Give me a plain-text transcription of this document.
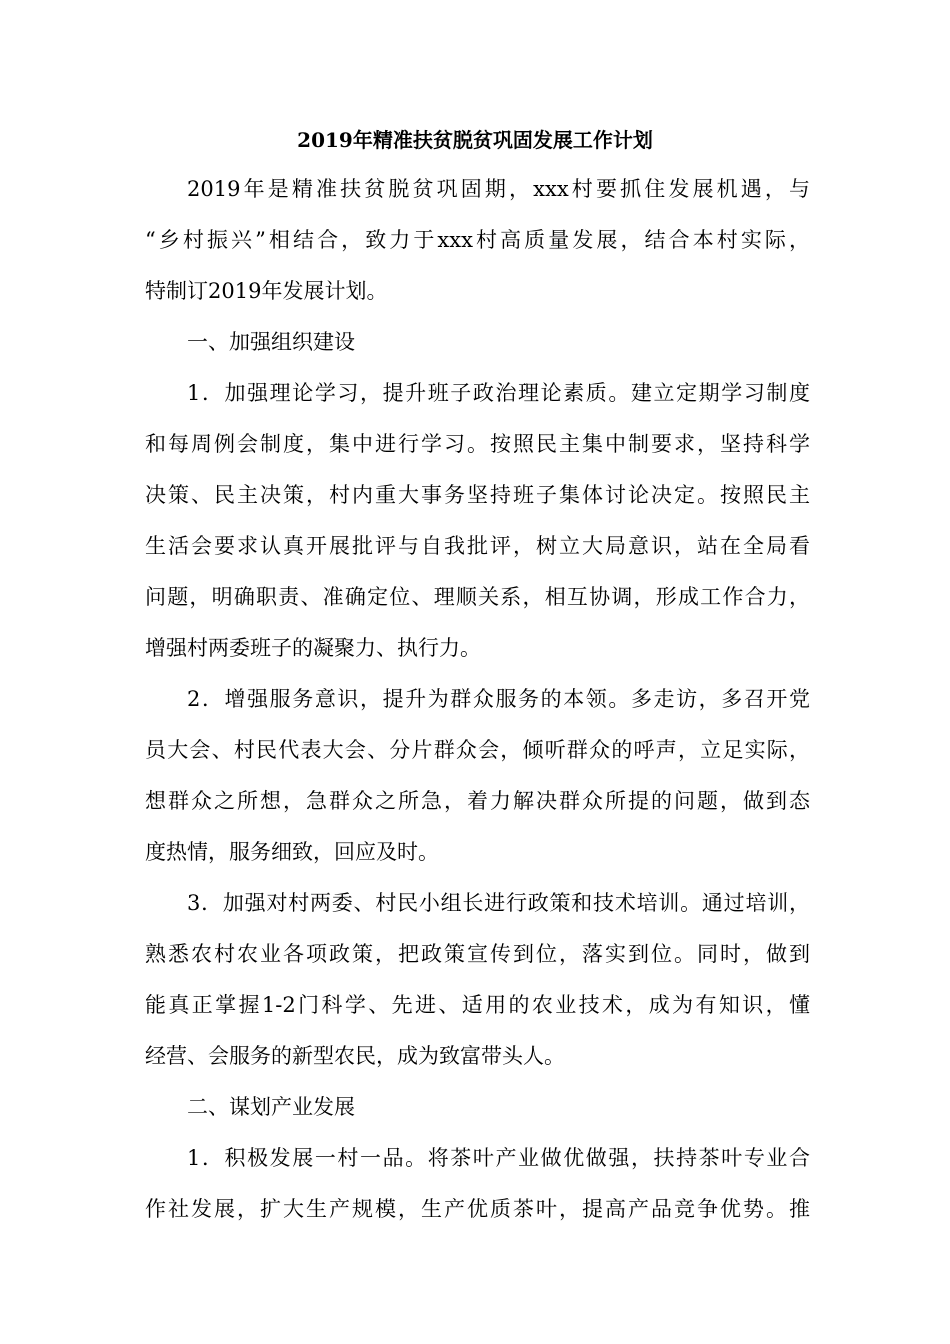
2019年精准扶贫脱贫巩固发展工作计划
2019年是精准扶贫脱贫巩固期，xxx村要抓住发展机遇，与
“乡村振兴”相结合，致力于xxx村高质量发展，结合本村实际，
特制订2019年发展计划。
一、加强组织建设
1．加强理论学习，提升班子政治理论素质。建立定期学习制度
和每周例会制度，集中进行学习。按照民主集中制要求，坚持科学
决策、民主决策，村内重大事务坚持班子集体讨论决定。按照民主
生活会要求认真开展批评与自我批评，树立大局意识，站在全局看
问题，明确职责、准确定位、理顺关系，相互协调，形成工作合力，
增强村两委班子的凝聚力、执行力。
2．增强服务意识，提升为群众服务的本领。多走访，多召开党
员大会、村民代表大会、分片群众会，倾听群众的呼声，立足实际，
想群众之所想，急群众之所急，着力解决群众所提的问题，做到态
度热情，服务细致，回应及时。
3．加强对村两委、村民小组长进行政策和技术培训。通过培训，
熟悉农村农业各项政策，把政策宣传到位，落实到位。同时，做到
能真正掌握1-2门科学、先进、适用的农业技术，成为有知识，懂
经营、会服务的新型农民，成为致富带头人。
二、谋划产业发展
1．积极发展一村一品。将茶叶产业做优做强，扶持茶叶专业合
作社发展，扩大生产规模，生产优质茶叶，提高产品竞争优势。推
